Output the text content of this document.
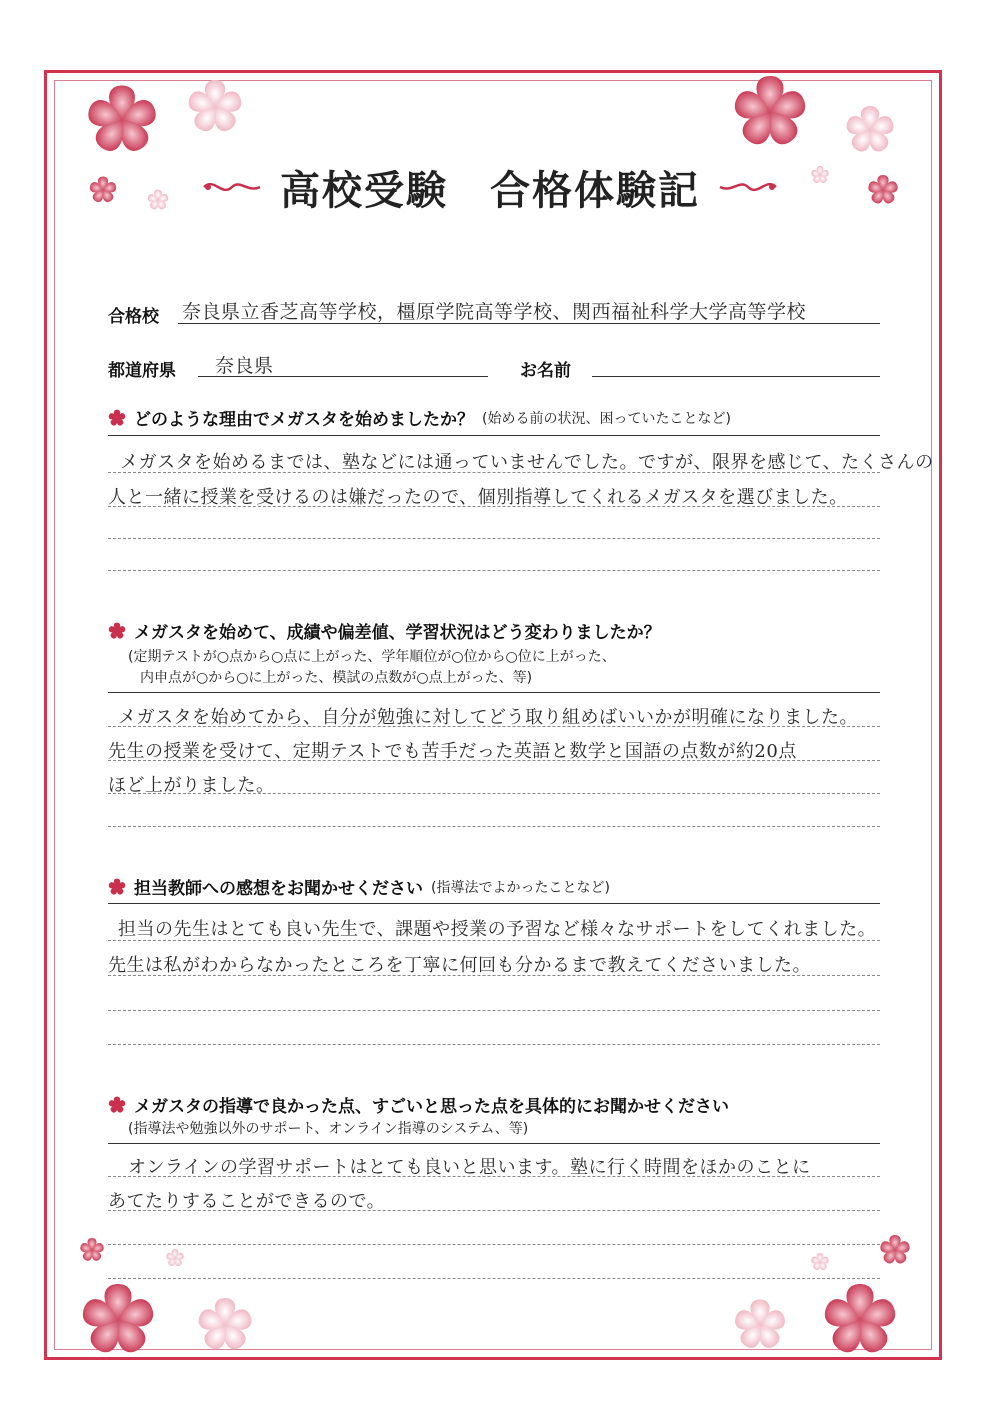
高校受験　合格体験記
合格校 奈良県立香芝高等学校，橿原学院高等学校、関西福祉科学大学高等学校
都道府県 奈良県	お名前
どのような理由でメガスタを始めましたか？ (始める前の状況、困っていたことなど)
メガスタを始めるまでは、塾などには通っていませんでした。ですが、限界を感じて、たくさんの
人と一緒に授業を受けるのは嫌だったので、個別指導してくれるメガスタを選びました。
メガスタを始めて、成績や偏差値、学習状況はどう変わりましたか？
(定期テストが○点から○点に上がった、学年順位が○位から○位に上がった、
内申点が○から○に上がった、模試の点数が○点上がった、等)
メガスタを始めてから、自分が勉強に対してどう取り組めばいいかが明確になりました。
先生の授業を受けて、定期テストでも苦手だった英語と数学と国語の点数が約20点
ほど上がりました。
担当教師への感想をお聞かせください (指導法でよかったことなど)
担当の先生はとても良い先生で、課題や授業の予習など様々なサポートをしてくれました。
先生は私がわからなかったところを丁寧に何回も分かるまで教えてくださいました。
メガスタの指導で良かった点、すごいと思った点を具体的にお聞かせください
(指導法や勉強以外のサポート、オンライン指導のシステム、等)
オンラインの学習サポートはとても良いと思います。塾に行く時間をほかのことに
あてたりすることができるので。
